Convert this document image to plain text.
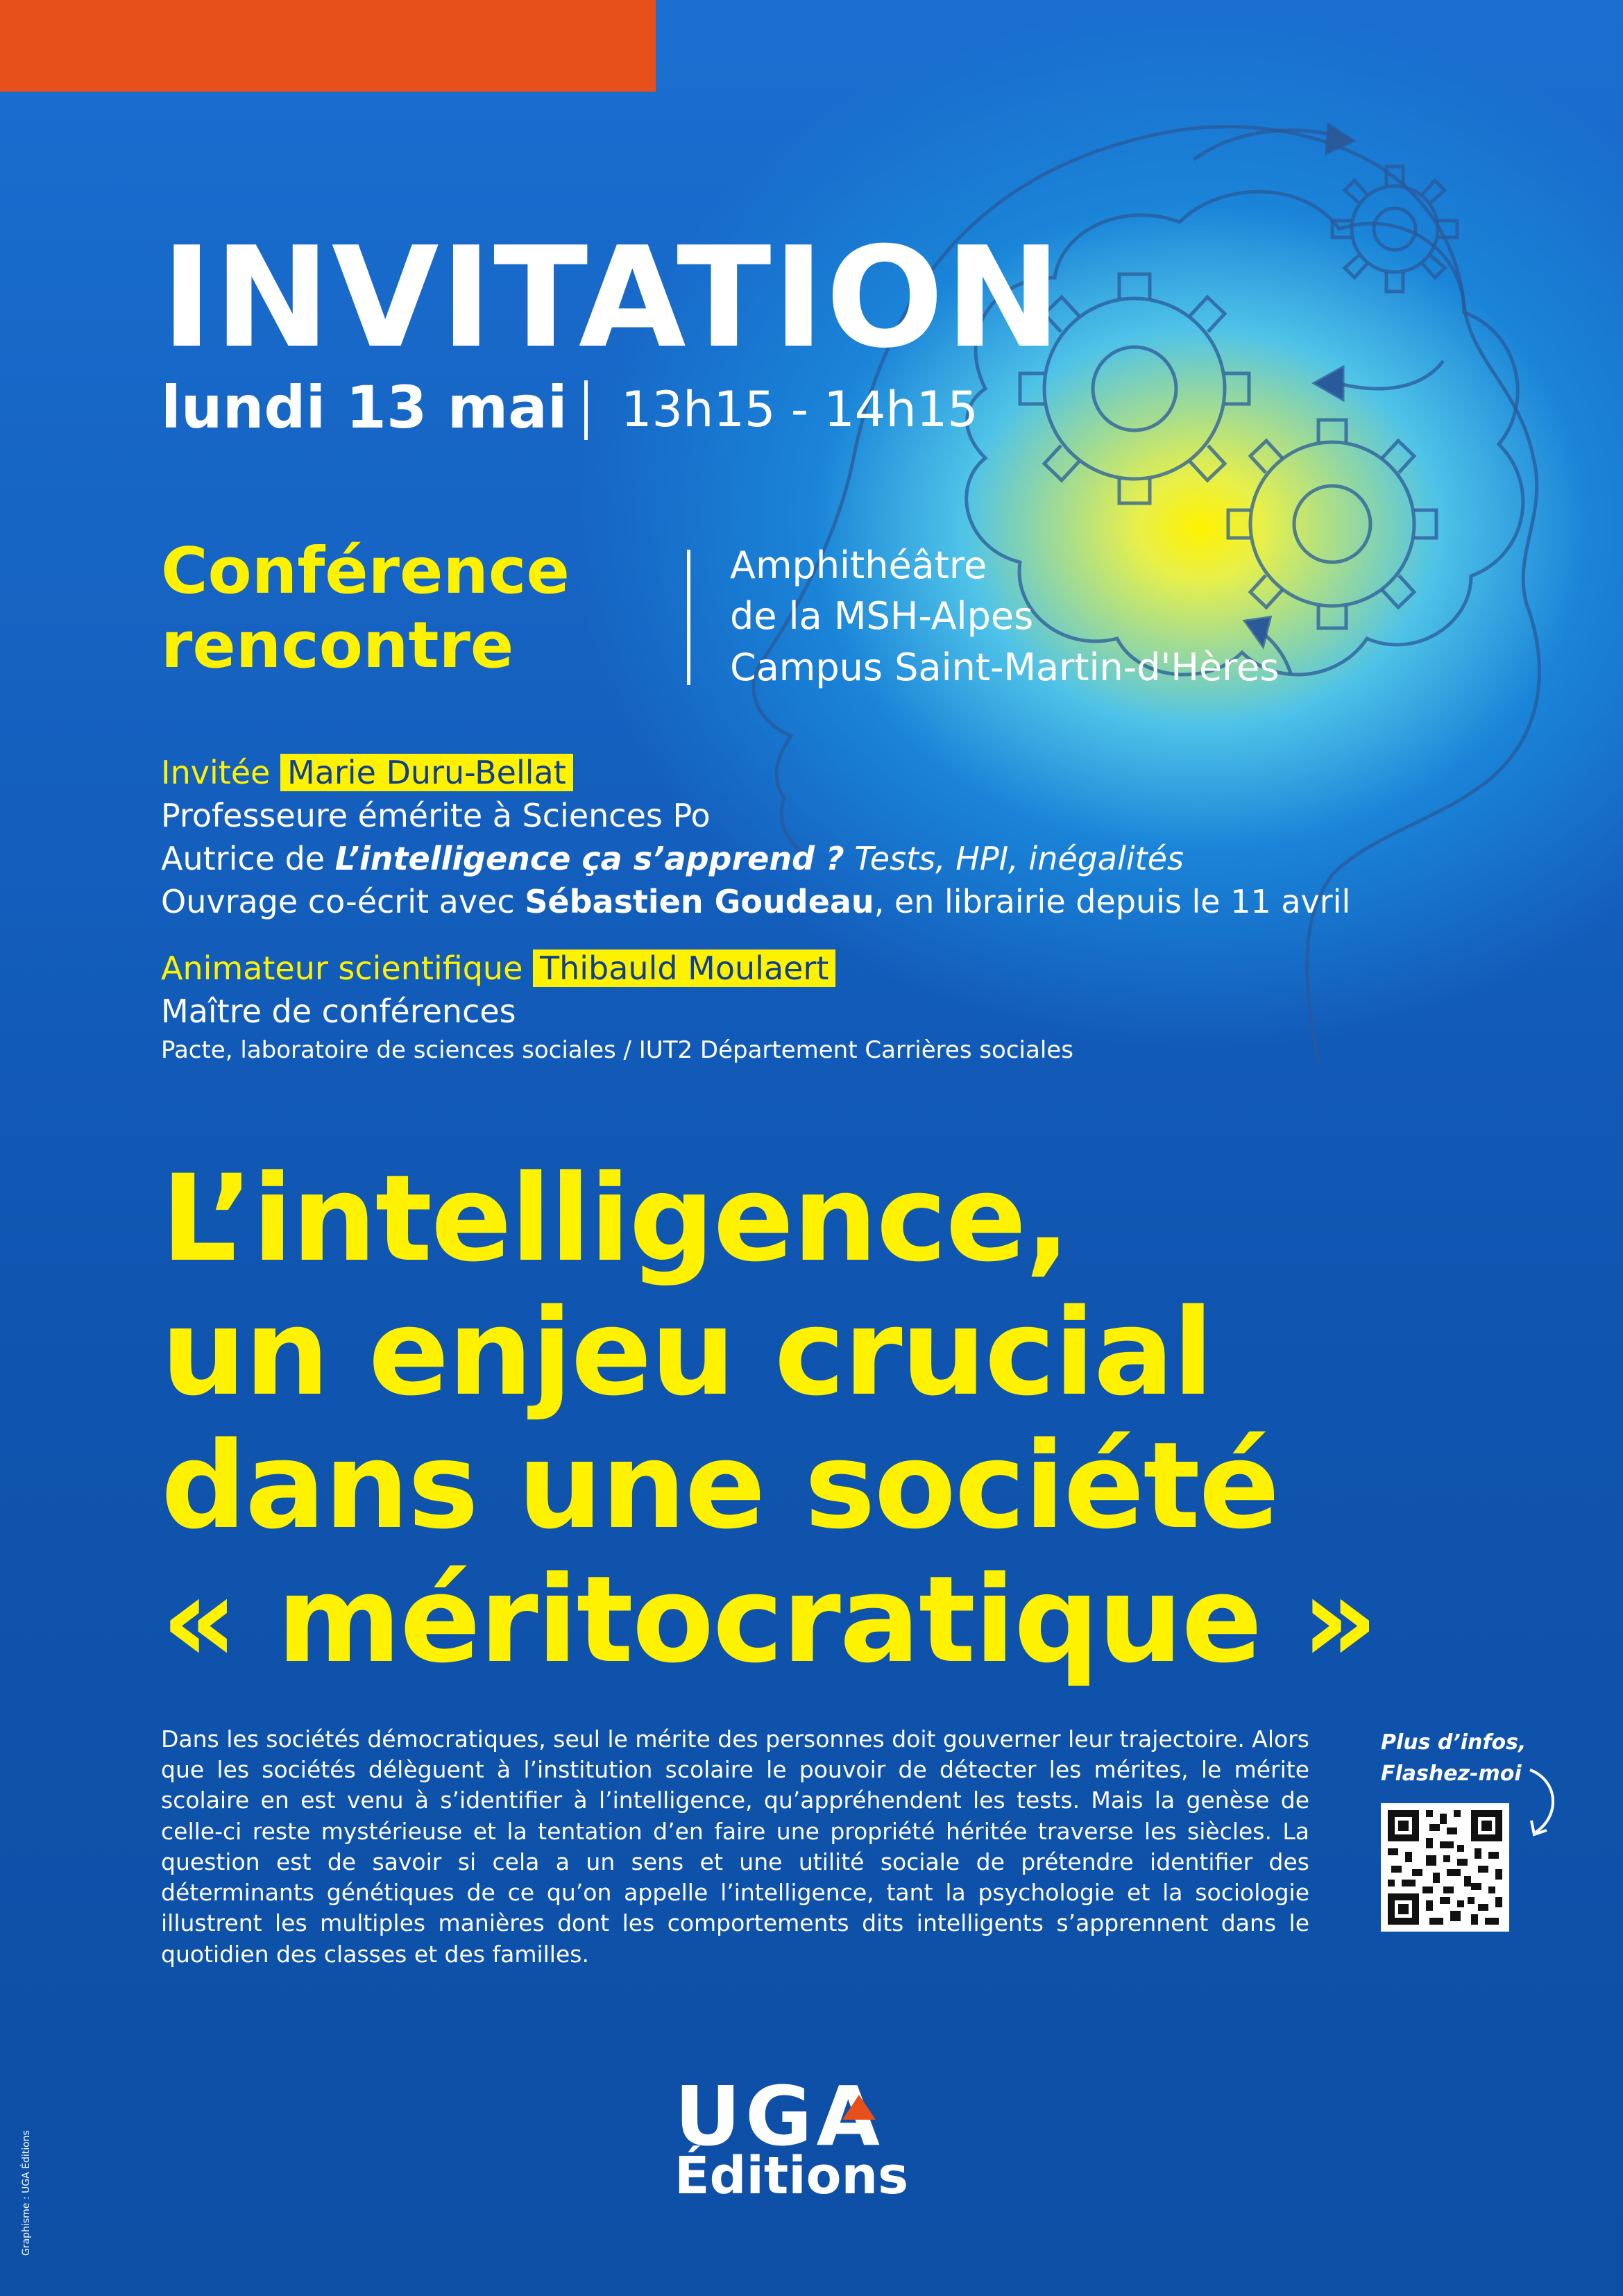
INVITATION
lundi 13 mai 13h15 - 14h15
Conférence
rencontre
Amphithéâtre
de la MSH-Alpes
Campus Saint-Martin-d'Hères
Invitée Marie Duru-Bellat
Professeure émérite à Sciences Po
Autrice de L’intelligence ça s’apprend ? Tests, HPI, inégalités
Ouvrage co-écrit avec Sébastien Goudeau, en librairie depuis le 11 avril
Animateur scientifique Thibauld Moulaert
Maître de conférences
Pacte, laboratoire de sciences sociales / IUT2 Département Carrières sociales
L’intelligence,
un enjeu crucial
dans une société
« méritocratique »
Dans les sociétés démocratiques, seul le mérite des personnes doit gouverner leur trajectoire. Alors que les sociétés délèguent à l’institution scolaire le pouvoir de détecter les mérites, le mérite scolaire en est venu à s’identifier à l’intelligence, qu’appréhendent les tests. Mais la genèse de celle-ci reste mystérieuse et la tentation d’en faire une propriété héritée traverse les siècles. La question est de savoir si cela a un sens et une utilité sociale de prétendre identifier des déterminants génétiques de ce qu’on appelle l’intelligence, tant la psychologie et la sociologie illustrent les multiples manières dont les comportements dits intelligents s’apprennent dans le quotidien des classes et des familles.
Plus d’infos,
Flashez-moi
UGA
Éditions
Graphisme : UGA Éditions
